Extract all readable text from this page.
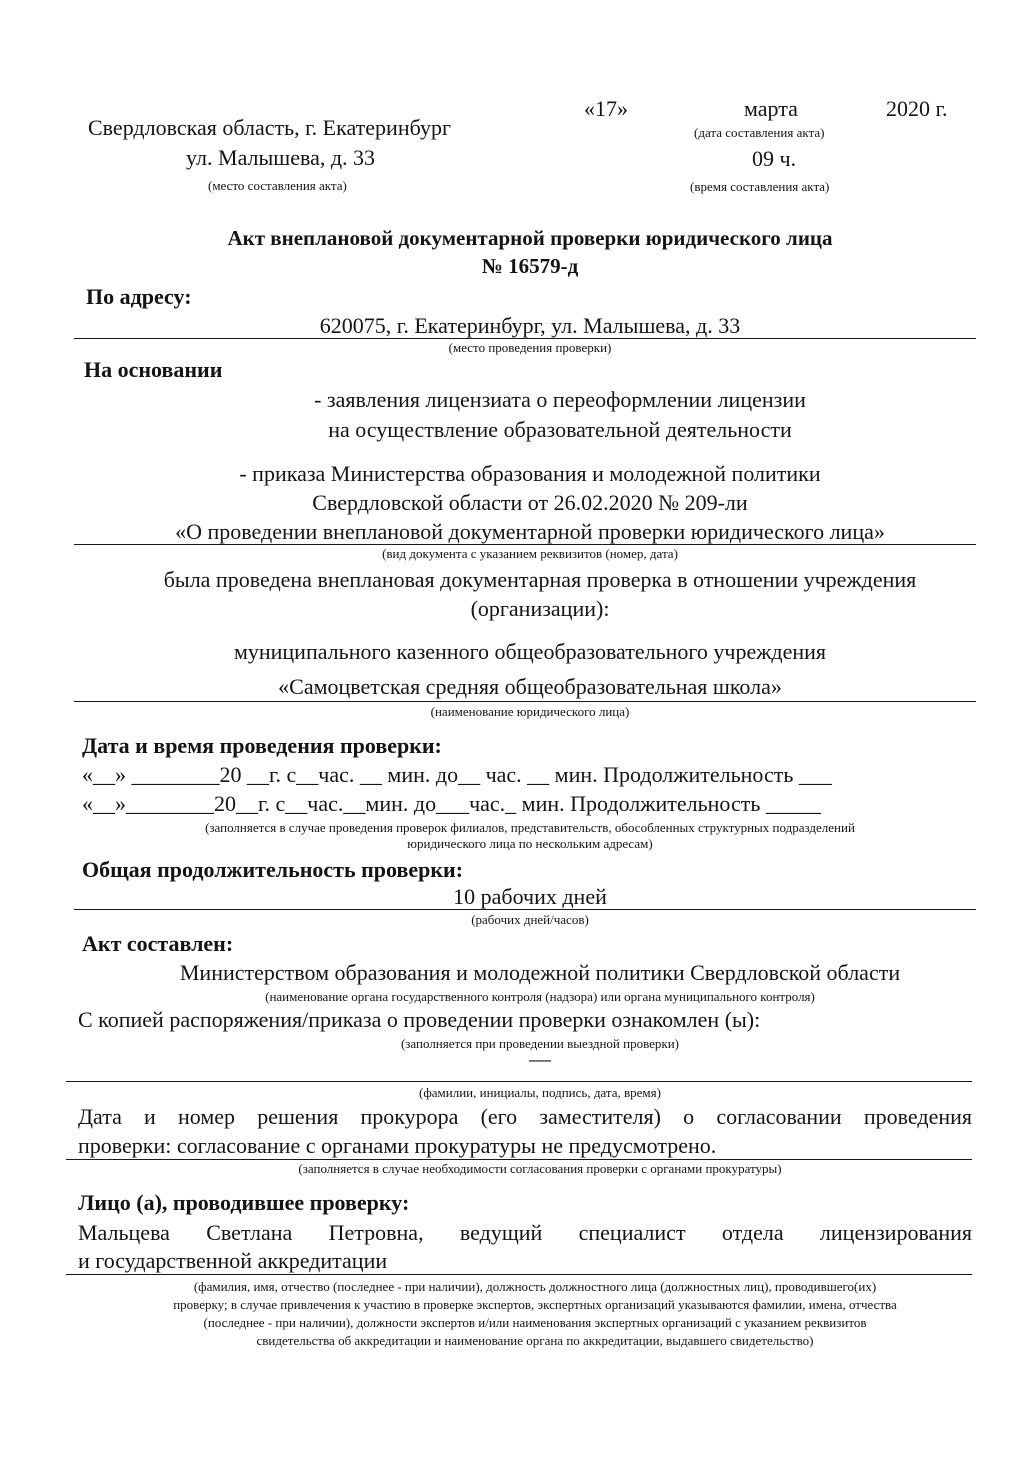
Свердловская область, г. Екатеринбург
ул. Малышева, д. 33
(место составления акта)
«17»	марта	2020 г.
(дата составления акта)
09 ч.
(время составления акта)
Акт внеплановой документарной проверки юридического лица
№ 16579-д
По адресу:
620075, г. Екатеринбург, ул. Малышева, д. 33
(место проведения проверки)
На основании
- заявления лицензиата о переоформлении лицензии
на осуществление образовательной деятельности
- приказа Министерства образования и молодежной политики
Свердловской области от 26.02.2020 № 209-ли
«О проведении внеплановой документарной проверки юридического лица»
(вид документа с указанием реквизитов (номер, дата)
была проведена внеплановая документарная проверка в отношении учреждения
(организации):
муниципального казенного общеобразовательного учреждения
«Самоцветская средняя общеобразовательная школа»
(наименование юридического лица)
Дата и время проведения проверки:
«__» ________20 __г. с__час. __ мин. до__ час. __ мин. Продолжительность ___
«__»________20__г. с__час.__мин. до___час._ мин. Продолжительность _____
(заполняется в случае проведения проверок филиалов, представительств, обособленных структурных подразделений
юридического лица по нескольким адресам)
Общая продолжительность проверки:
10 рабочих дней
(рабочих дней/часов)
Акт составлен:
Министерством образования и молодежной политики Свердловской области
(наименование органа государственного контроля (надзора) или органа муниципального контроля)
С копией распоряжения/приказа о проведении проверки ознакомлен (ы):
(заполняется при проведении выездной проверки)
—
(фамилии, инициалы, подпись, дата, время)
Дата и номер решения прокурора (его заместителя) о согласовании проведения
проверки: согласование с органами прокуратуры не предусмотрено.
(заполняется в случае необходимости согласования проверки с органами прокуратуры)
Лицо (а), проводившее проверку:
Мальцева Светлана Петровна, ведущий специалист отдела лицензирования
и государственной аккредитации
(фамилия, имя, отчество (последнее - при наличии), должность должностного лица (должностных лиц), проводившего(их)
проверку; в случае привлечения к участию в проверке экспертов, экспертных организаций указываются фамилии, имена, отчества
(последнее - при наличии), должности экспертов и/или наименования экспертных организаций с указанием реквизитов
свидетельства об аккредитации и наименование органа по аккредитации, выдавшего свидетельство)
